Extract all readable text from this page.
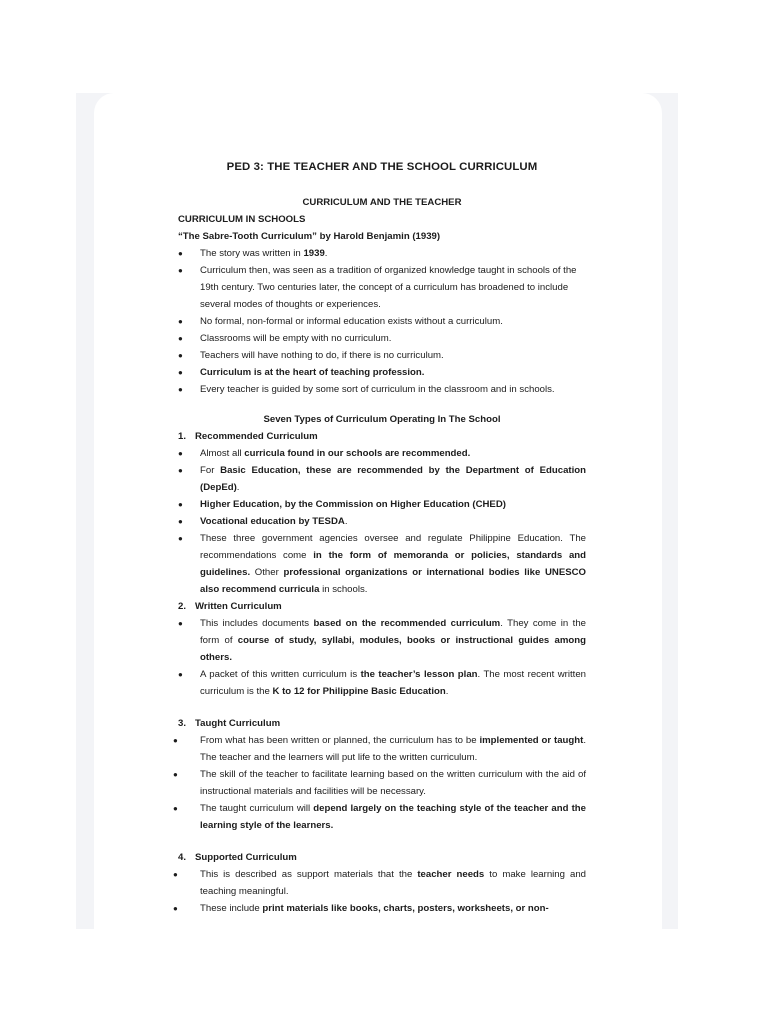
PED 3: THE TEACHER AND THE SCHOOL CURRICULUM
CURRICULUM AND THE TEACHER
CURRICULUM IN SCHOOLS
“The Sabre-Tooth Curriculum” by Harold Benjamin (1939)
● The story was written in 1939.
● Curriculum then, was seen as a tradition of organized knowledge taught in schools of the 19th century. Two centuries later, the concept of a curriculum has broadened to include several modes of thoughts or experiences.
● No formal, non-formal or informal education exists without a curriculum.
● Classrooms will be empty with no curriculum.
● Teachers will have nothing to do, if there is no curriculum.
● Curriculum is at the heart of teaching profession.
● Every teacher is guided by some sort of curriculum in the classroom and in schools.
Seven Types of Curriculum Operating In The School
1. Recommended Curriculum
● Almost all curricula found in our schools are recommended.
● For Basic Education, these are recommended by the Department of Education (DepEd).
● Higher Education, by the Commission on Higher Education (CHED)
● Vocational education by TESDA.
● These three government agencies oversee and regulate Philippine Education. The recommendations come in the form of memoranda or policies, standards and guidelines. Other professional organizations or international bodies like UNESCO also recommend curricula in schools.
2. Written Curriculum
● This includes documents based on the recommended curriculum. They come in the form of course of study, syllabi, modules, books or instructional guides among others.
● A packet of this written curriculum is the teacher’s lesson plan. The most recent written curriculum is the K to 12 for Philippine Basic Education.
3. Taught Curriculum
● From what has been written or planned, the curriculum has to be implemented or taught. The teacher and the learners will put life to the written curriculum.
● The skill of the teacher to facilitate learning based on the written curriculum with the aid of instructional materials and facilities will be necessary.
● The taught curriculum will depend largely on the teaching style of the teacher and the learning style of the learners.
4. Supported Curriculum
● This is described as support materials that the teacher needs to make learning and teaching meaningful.
● These include print materials like books, charts, posters, worksheets, or non-
